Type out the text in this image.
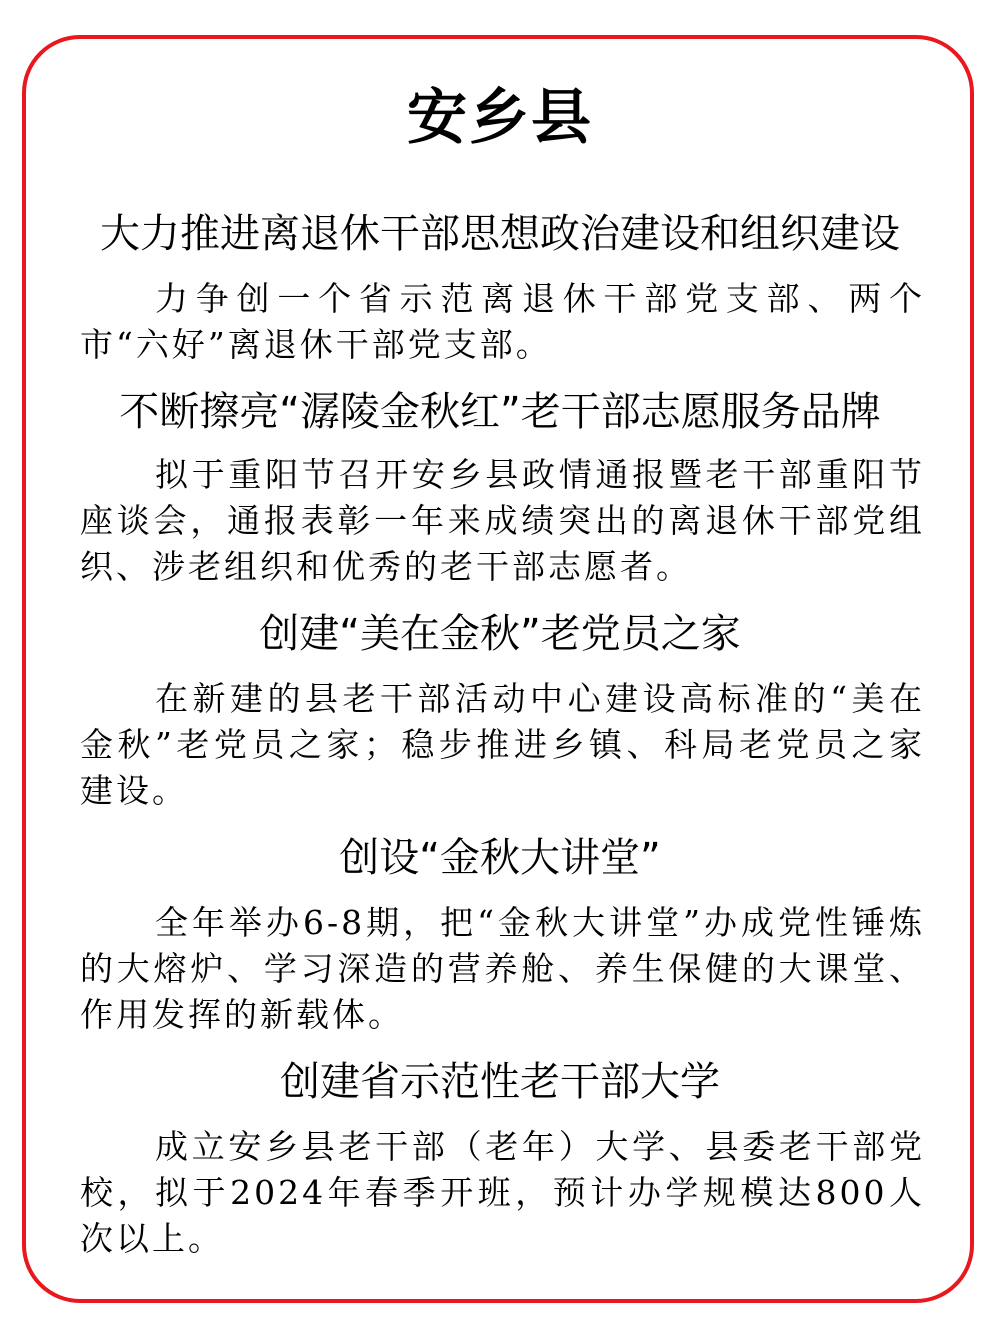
安乡县
大力推进离退休干部思想政治建设和组织建设
力争创一个省示范离退休干部党支部、两个市“六好”离退休干部党支部。
不断擦亮“潺陵金秋红”老干部志愿服务品牌
拟于重阳节召开安乡县政情通报暨老干部重阳节座谈会，通报表彰一年来成绩突出的离退休干部党组织、涉老组织和优秀的老干部志愿者。
创建“美在金秋”老党员之家
在新建的县老干部活动中心建设高标准的“美在金秋”老党员之家；稳步推进乡镇、科局老党员之家建设。
创设“金秋大讲堂”
全年举办6-8期，把“金秋大讲堂”办成党性锤炼的大熔炉、学习深造的营养舱、养生保健的大课堂、作用发挥的新载体。
创建省示范性老干部大学
成立安乡县老干部（老年）大学、县委老干部党校，拟于2024年春季开班，预计办学规模达800人次以上。
